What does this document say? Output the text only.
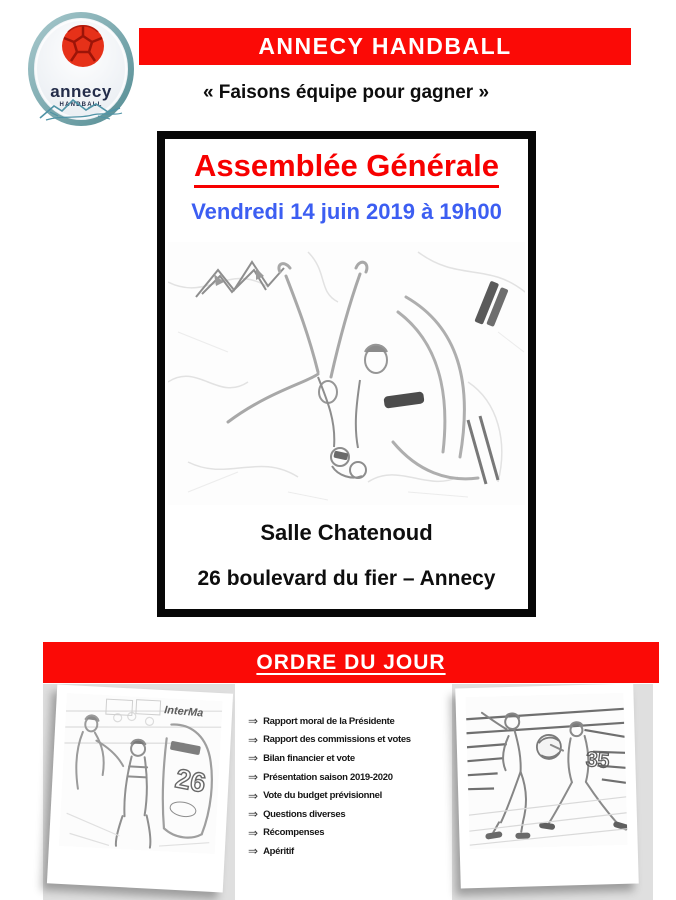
annecy
HANDBALL
ANNECY HANDBALL
« Faisons équipe pour gagner »
Assemblée Générale
Vendredi 14 juin 2019 à 19h00
Salle Chatenoud
26 boulevard du fier – Annecy
ORDRE DU JOUR
InterMa
26
⇒ Rapport moral de la Présidente
⇒ Rapport des commissions et votes
⇒ Bilan financier et vote
⇒ Présentation saison 2019-2020
⇒ Vote du budget prévisionnel
⇒ Questions diverses
⇒ Récompenses
⇒ Apéritif
35
